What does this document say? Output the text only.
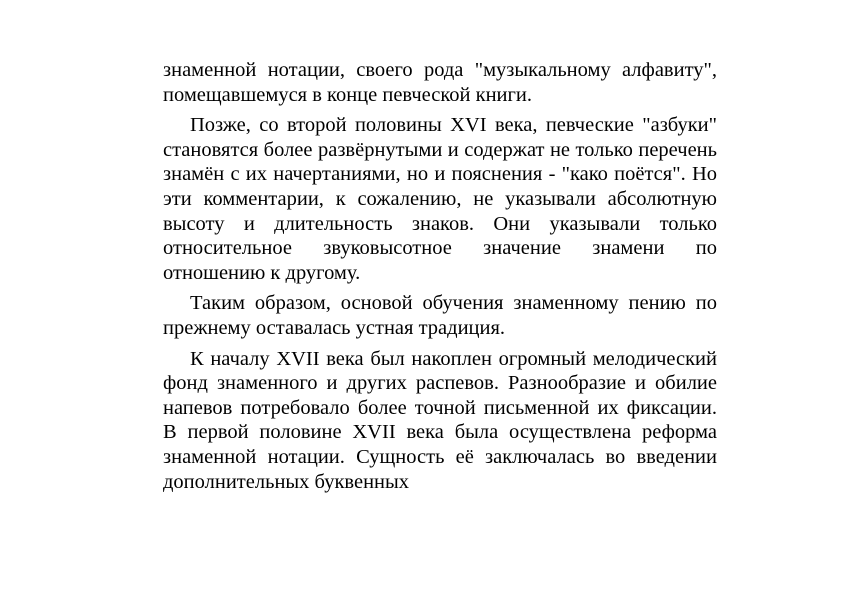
знаменной нотации, своего рода "музыкальному алфавиту", помещавшемуся в конце певческой книги.

Позже, со второй половины XVI века, певческие "азбуки" становятся более развёрнутыми и содержат не только перечень знамён с их начертаниями, но и пояснения - "како поётся". Но эти комментарии, к сожалению, не указывали абсолютную высоту и длительность знаков. Они указывали только относительное звуковысотное значение знамени по отношению к другому.

Таким образом, основой обучения знаменному пению по прежнему оставалась устная традиция.

К началу XVII века был накоплен огромный мелодический фонд знаменного и других распевов. Разнообразие и обилие напевов потребовало более точной письменной их фиксации. В первой половине XVII века была осуществлена реформа знаменной нотации. Сущность её заключалась во введении дополнительных буквенных
